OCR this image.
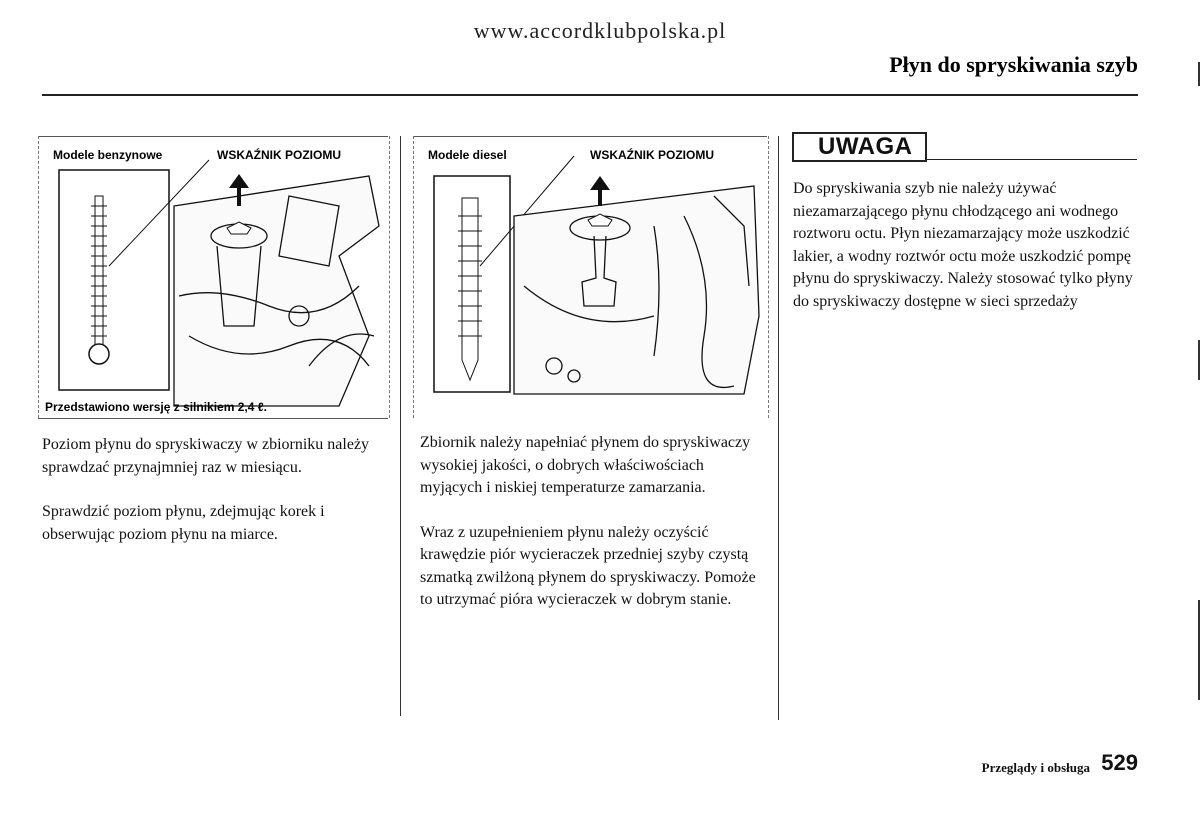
www.accordklubpolska.pl
Płyn do spryskiwania szyb
Modele benzynowe	WSKAŹNIK POZIOMU
Przedstawiono wersję z silnikiem 2,4 ℓ.
Modele diesel	WSKAŹNIK POZIOMU

Poziom płynu do spryskiwaczy w zbiorniku należy sprawdzać przynajmniej raz w miesiącu.

Sprawdzić poziom płynu, zdejmując korek i obserwując poziom płynu na miarce.

Zbiornik należy napełniać płynem do spryskiwaczy wysokiej jakości, o dobrych właściwościach myjących i niskiej temperaturze zamarzania.

Wraz z uzupełnieniem płynu należy oczyścić krawędzie piór wycieraczek przedniej szyby czystą szmatką zwilżoną płynem do spryskiwaczy. Pomoże to utrzymać pióra wycieraczek w dobrym stanie.

UWAGA
Do spryskiwania szyb nie należy używać niezamarzającego płynu chłodzącego ani wodnego roztworu octu. Płyn niezamarzający może uszkodzić lakier, a wodny roztwór octu może uszkodzić pompę płynu do spryskiwaczy. Należy stosować tylko płyny do spryskiwaczy dostępne w sieci sprzedaży
Przeglądy i obsługa 529
